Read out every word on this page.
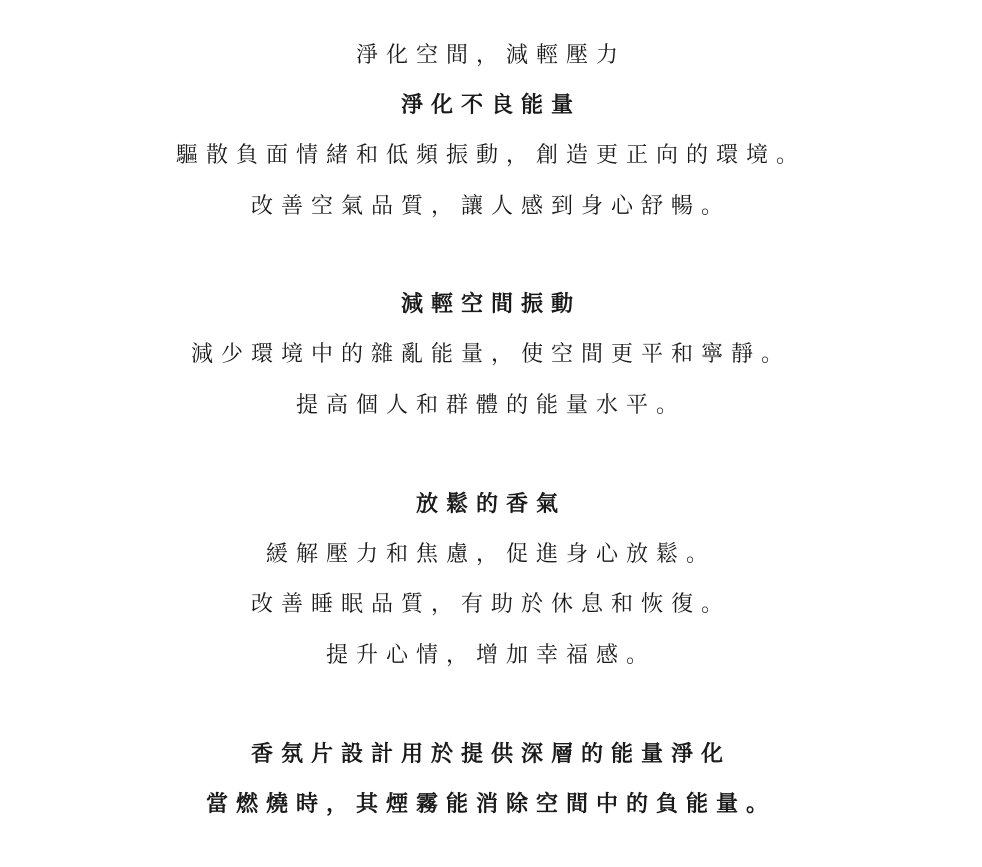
淨化空間，減輕壓力
淨化不良能量
驅散負面情緒和低頻振動，創造更正向的環境。
改善空氣品質，讓人感到身心舒暢。
減輕空間振動
減少環境中的雜亂能量，使空間更平和寧靜。
提高個人和群體的能量水平。
放鬆的香氣
緩解壓力和焦慮，促進身心放鬆。
改善睡眠品質，有助於休息和恢復。
提升心情，增加幸福感。
香氛片設計用於提供深層的能量淨化
當燃燒時，其煙霧能消除空間中的負能量。
